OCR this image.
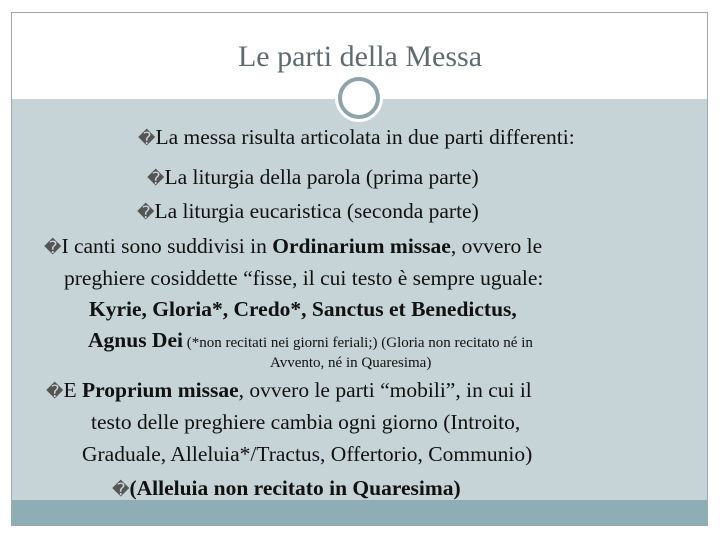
Le parti della Messa
�La messa risulta articolata in due parti differenti:
�La liturgia della parola (prima parte)
�La liturgia eucaristica (seconda parte)
�I canti sono suddivisi in Ordinarium missae, ovvero le
preghiere cosiddette “fisse, il cui testo è sempre uguale:
Kyrie, Gloria*, Credo*, Sanctus et Benedictus,
Agnus Dei (*non recitati nei giorni feriali;) (Gloria non recitato né in
Avvento, né in Quaresima)
�E Proprium missae, ovvero le parti “mobili”, in cui il
testo delle preghiere cambia ogni giorno (Introito,
Graduale, Alleluia*/Tractus, Offertorio, Communio)
�(Alleluia non recitato in Quaresima)
